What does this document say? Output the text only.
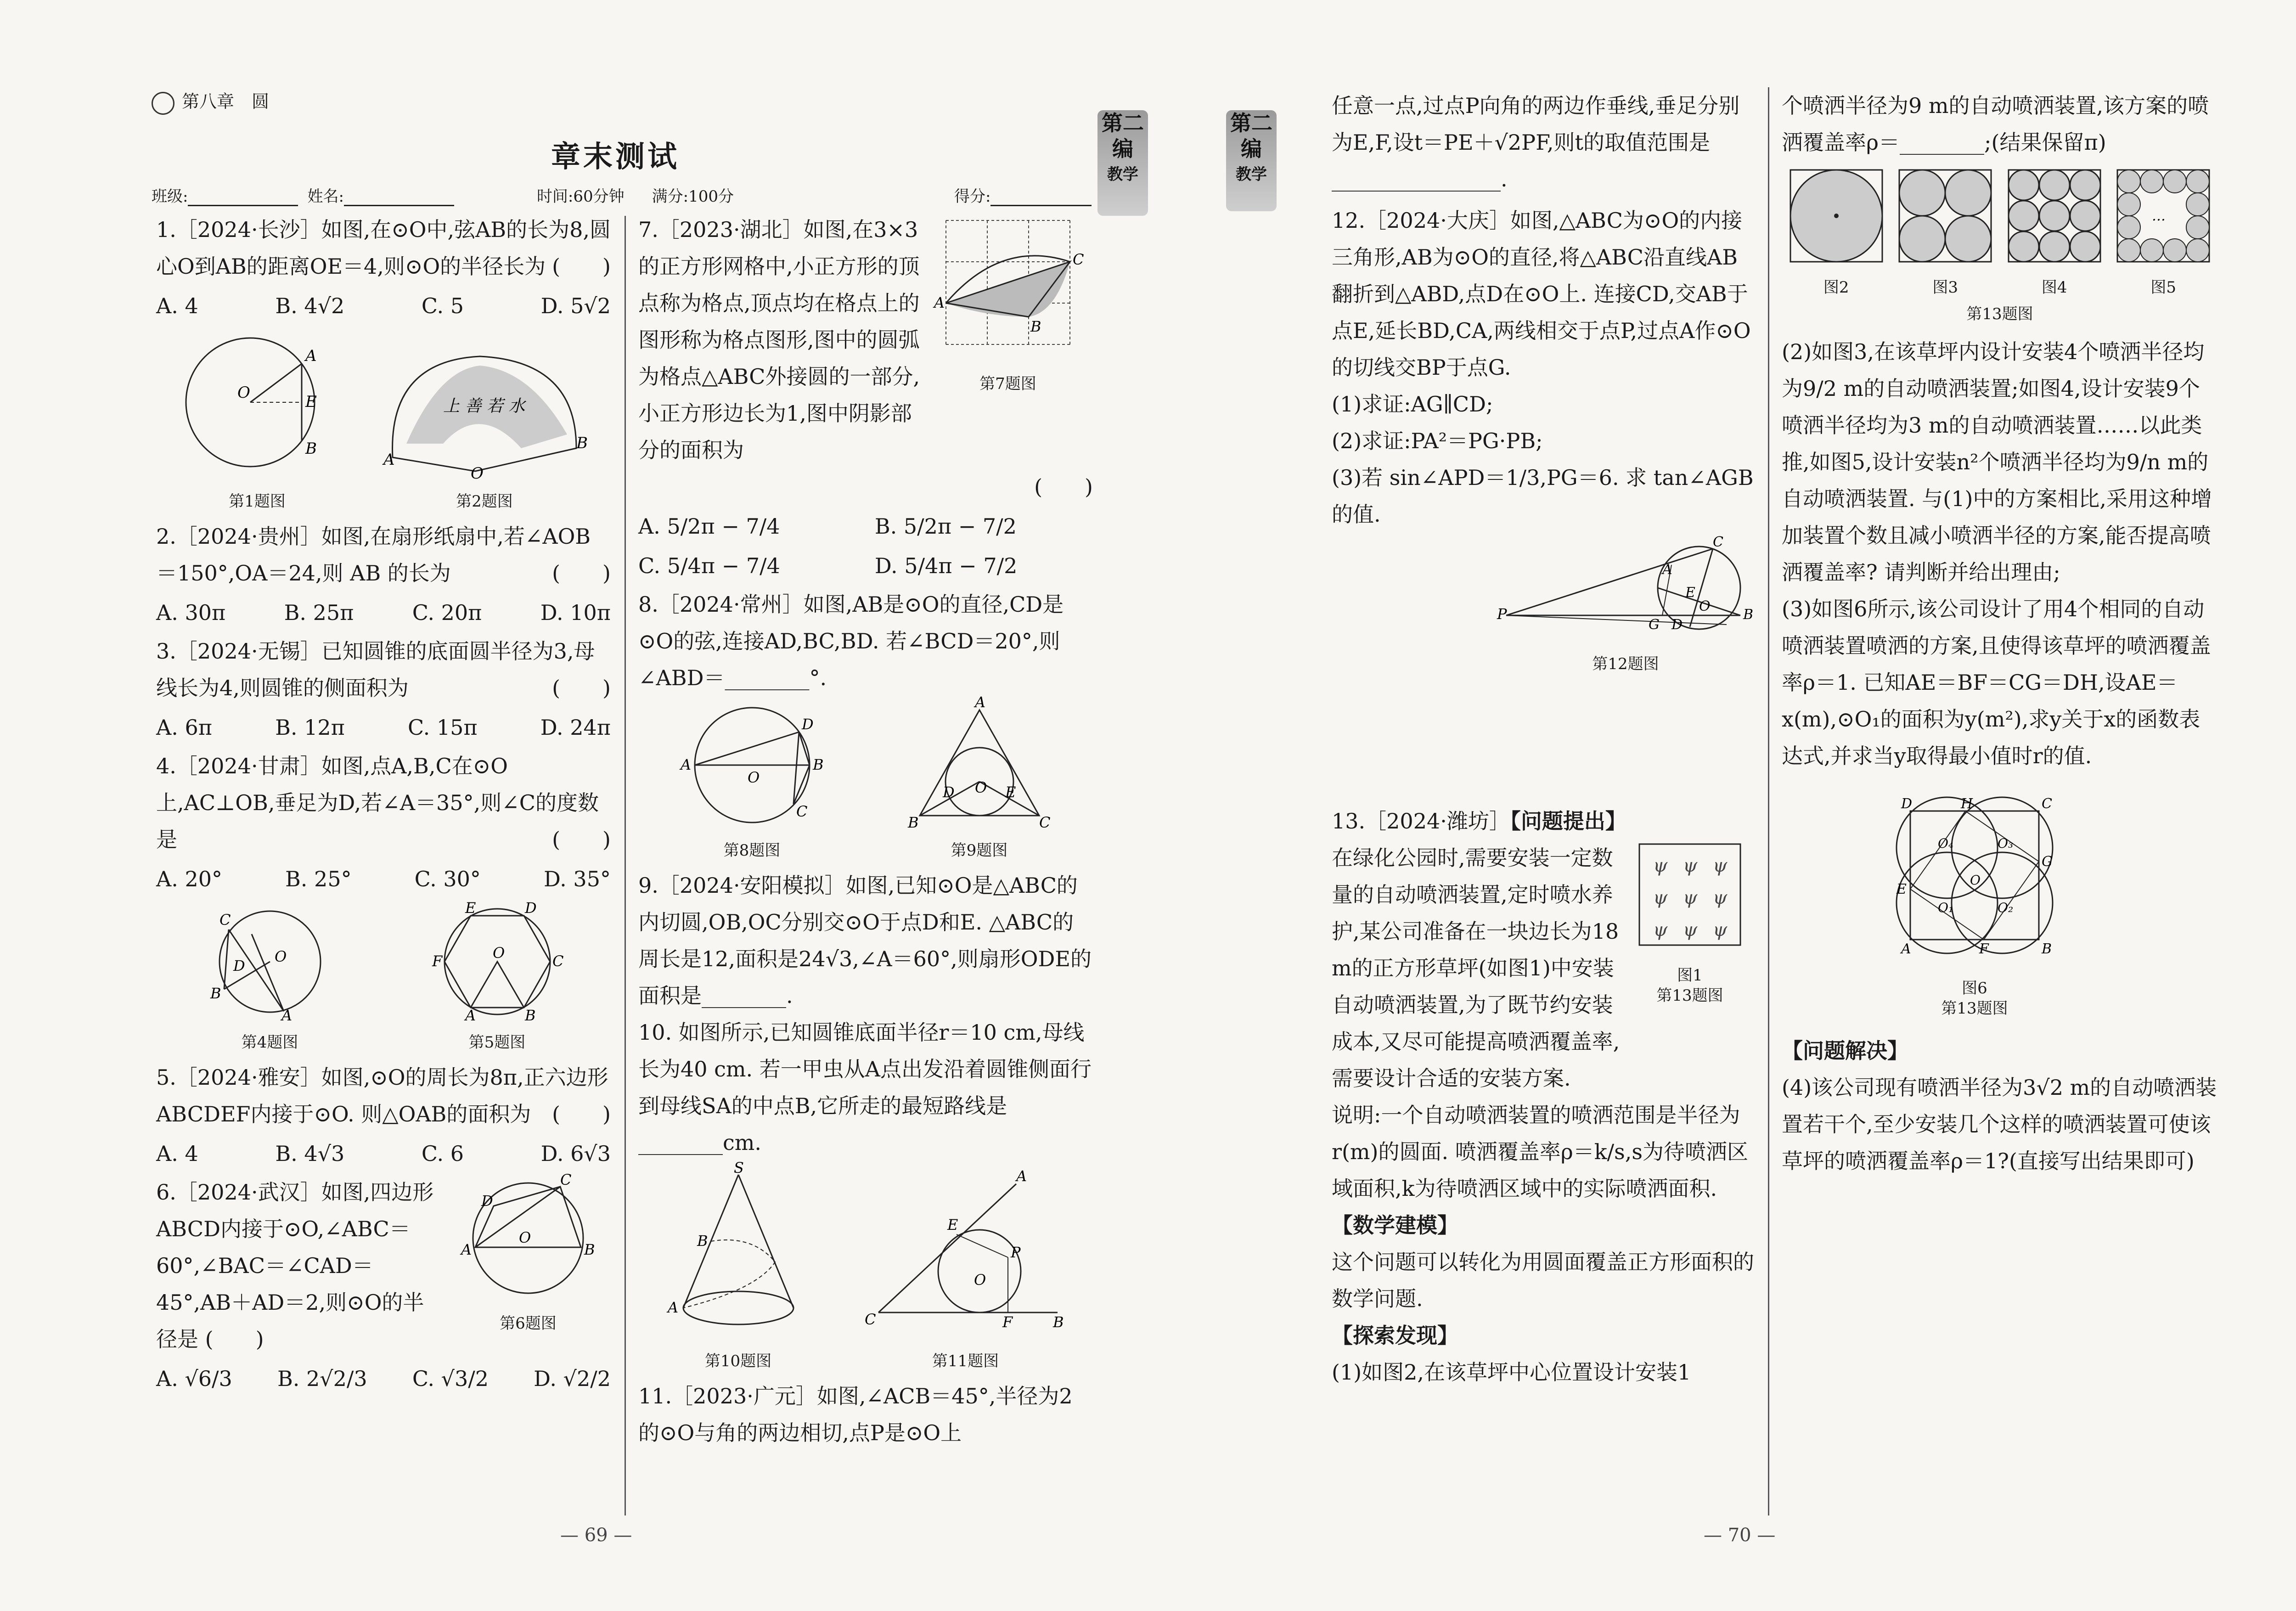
第八章　圆
章末测试
班级:	姓名:	时间:60分钟 满分:100分	得分:
第二编
教学

1.［2024·长沙］如图,在⊙O中,弦AB的长为8,圆心O到AB的距离OE＝4,则⊙O的半径长为 (　　)

A. 4	B. 4√2	C. 5	D. 5√2
O
A
E
B
第1题图
上 善 若 水
A
B
O
第2题图

2.［2024·贵州］如图,在扇形纸扇中,若∠AOB＝150°,OA＝24,则 AB 的长为	(　　)

A. 30π	B. 25π	C. 20π	D. 10π

3.［2024·无锡］已知圆锥的底面圆半径为3,母线长为4,则圆锥的侧面积为	(　　)

A. 6π	B. 12π	C. 15π	D. 24π

4.［2024·甘肃］如图,点A,B,C在⊙O上,AC⊥OB,垂足为D,若∠A＝35°,则∠C的度数是	(　　)

A. 20°	B. 25°	C. 30°	D. 35°
C
O
D
B
A
第4题图
E	D
F	C
O
A	B
第5题图

5.［2024·雅安］如图,⊙O的周长为8π,正六边形ABCDEF内接于⊙O. 则△OAB的面积为 (　　)

A. 4	B. 4√3	C. 6	D. 6√3

6.［2024·武汉］如图,四边形ABCD内接于⊙O,∠ABC＝60°,∠BAC＝∠CAD＝45°,AB＋AD＝2,则⊙O的半径是 (　　)

A
D
C
B
O
第6题图
A. √6/3 B. 2√2/3 C. √3/2 D. √2/2

7.［2023·湖北］如图,在3×3的正方形网格中,小正方形的顶点称为格点,顶点均在格点上的图形称为格点图形,图中的圆弧为格点△ABC外接圆的一部分,小正方形边长为1,图中阴影部分的面积为

A
B
C
第7题图
(　　)
A. 5/2π − 7/4	B. 5/2π − 7/2
C. 5/4π − 7/4	D. 5/4π − 7/2

8.［2024·常州］如图,AB是⊙O的直径,CD是⊙O的弦,连接AD,BC,BD. 若∠BCD＝20°,则∠ABD＝________°.

A
O
D
B
C
第8题图
A
B	C
O
D	E
第9题图

9.［2024·安阳模拟］如图,已知⊙O是△ABC的内切圆,OB,OC分别交⊙O于点D和E. △ABC的周长是12,面积是24√3,∠A＝60°,则扇形ODE的面积是________.

10. 如图所示,已知圆锥底面半径r＝10 cm,母线长为40 cm. 若一甲虫从A点出发沿着圆锥侧面行到母线SA的中点B,它所走的最短路线是________cm.

S
B
A
第10题图
C
E
P
O
F	B
A
第11题图

11.［2023·广元］如图,∠ACB＝45°,半径为2的⊙O与角的两边相切,点P是⊙O上

— 69 —
第二编
教学

任意一点,过点P向角的两边作垂线,垂足分别为E,F,设t＝PE＋√2PF,则t的取值范围是________________.

12.［2024·大庆］如图,△ABC为⊙O的内接三角形,AB为⊙O的直径,将△ABC沿直线AB翻折到△ABD,点D在⊙O上. 连接CD,交AB于点E,延长BD,CA,两线相交于点P,过点A作⊙O的切线交BP于点G.

(1)求证:AG∥CD;

(2)求证:PA²＝PG·PB;

(3)若 sin∠APD＝1/3,PG＝6. 求 tan∠AGB 的值.

P
G D
B
C
E
O
A
第12题图

13.［2024·潍坊］【问题提出】

在绿化公园时,需要安装一定数量的自动喷洒装置,定时喷水养护,某公司准备在一块边长为18 m的正方形草坪(如图1)中安装自动喷洒装置,为了既节约安装成本,又尽可能提高喷洒覆盖率,需要设计合适的安装方案.

ψ ψ ψ
ψ ψ ψ
ψ ψ ψ
图1
第13题图

说明:一个自动喷洒装置的喷洒范围是半径为r(m)的圆面. 喷洒覆盖率ρ＝k/s,s为待喷洒区域面积,k为待喷洒区域中的实际喷洒面积.

【数学建模】

这个问题可以转化为用圆面覆盖正方形面积的数学问题.

【探索发现】

(1)如图2,在该草坪中心位置设计安装1

个喷洒半径为9 m的自动喷洒装置,该方案的喷洒覆盖率ρ＝________;(结果保留π)

图2	图3	图4
…
图5
第13题图

(2)如图3,在该草坪内设计安装4个喷洒半径均为9/2 m的自动喷洒装置;如图4,设计安装9个喷洒半径均为3 m的自动喷洒装置……以此类推,如图5,设计安装n²个喷洒半径均为9/n m的自动喷洒装置. 与(1)中的方案相比,采用这种增加装置个数且减小喷洒半径的方案,能否提高喷洒覆盖率? 请判断并给出理由;

(3)如图6所示,该公司设计了用4个相同的自动喷洒装置喷洒的方案,且使得该草坪的喷洒覆盖率ρ＝1. 已知AE＝BF＝CG＝DH,设AE＝x(m),⊙O₁的面积为y(m²),求y关于x的函数表达式,并求当y取得最小值时r的值.

D	H	C
G
E
A	F	B
O₄	O₃
O₁	O₂
O
图6
第13题图

【问题解决】

(4)该公司现有喷洒半径为3√2 m的自动喷洒装置若干个,至少安装几个这样的喷洒装置可使该草坪的喷洒覆盖率ρ＝1?(直接写出结果即可)

— 70 —
